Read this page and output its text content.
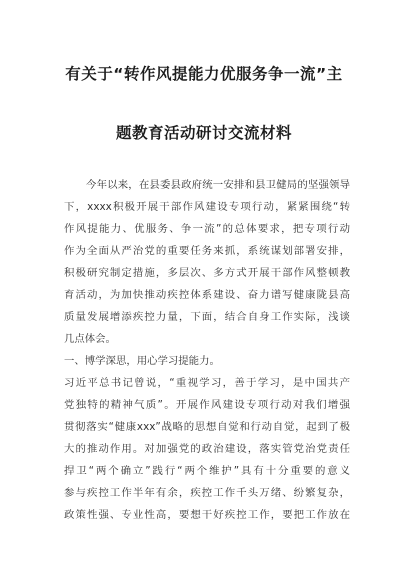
有关于“转作风提能力优服务争一流”主
题教育活动研讨交流材料
今年以来，在县委县政府统一安排和县卫健局的坚强领导
下，xxxx积极开展干部作风建设专项行动，紧紧围绕“转
作风提能力、优服务、争一流”的总体要求，把专项行动
作为全面从严治党的重要任务来抓，系统谋划部署安排，
积极研究制定措施，多层次、多方式开展干部作风整顿教
育活动，为加快推动疾控体系建设、奋力谱写健康陇县高
质量发展增添疾控力量，下面，结合自身工作实际，浅谈
几点体会。
一、博学深思，用心学习提能力。
习近平总书记曾说，“重视学习，善于学习，是中国共产
党独特的精神气质”。开展作风建设专项行动对我们增强
贯彻落实“健康xxx”战略的思想自觉和行动自觉，起到了极
大的推动作用。对加强党的政治建设，落实管党治党责任
捍卫“两个确立”践行“两个维护”具有十分重要的意义
参与疾控工作半年有余，疾控工作千头万绪、纷繁复杂，
政策性强、专业性高，要想干好疾控工作，要把工作放在
